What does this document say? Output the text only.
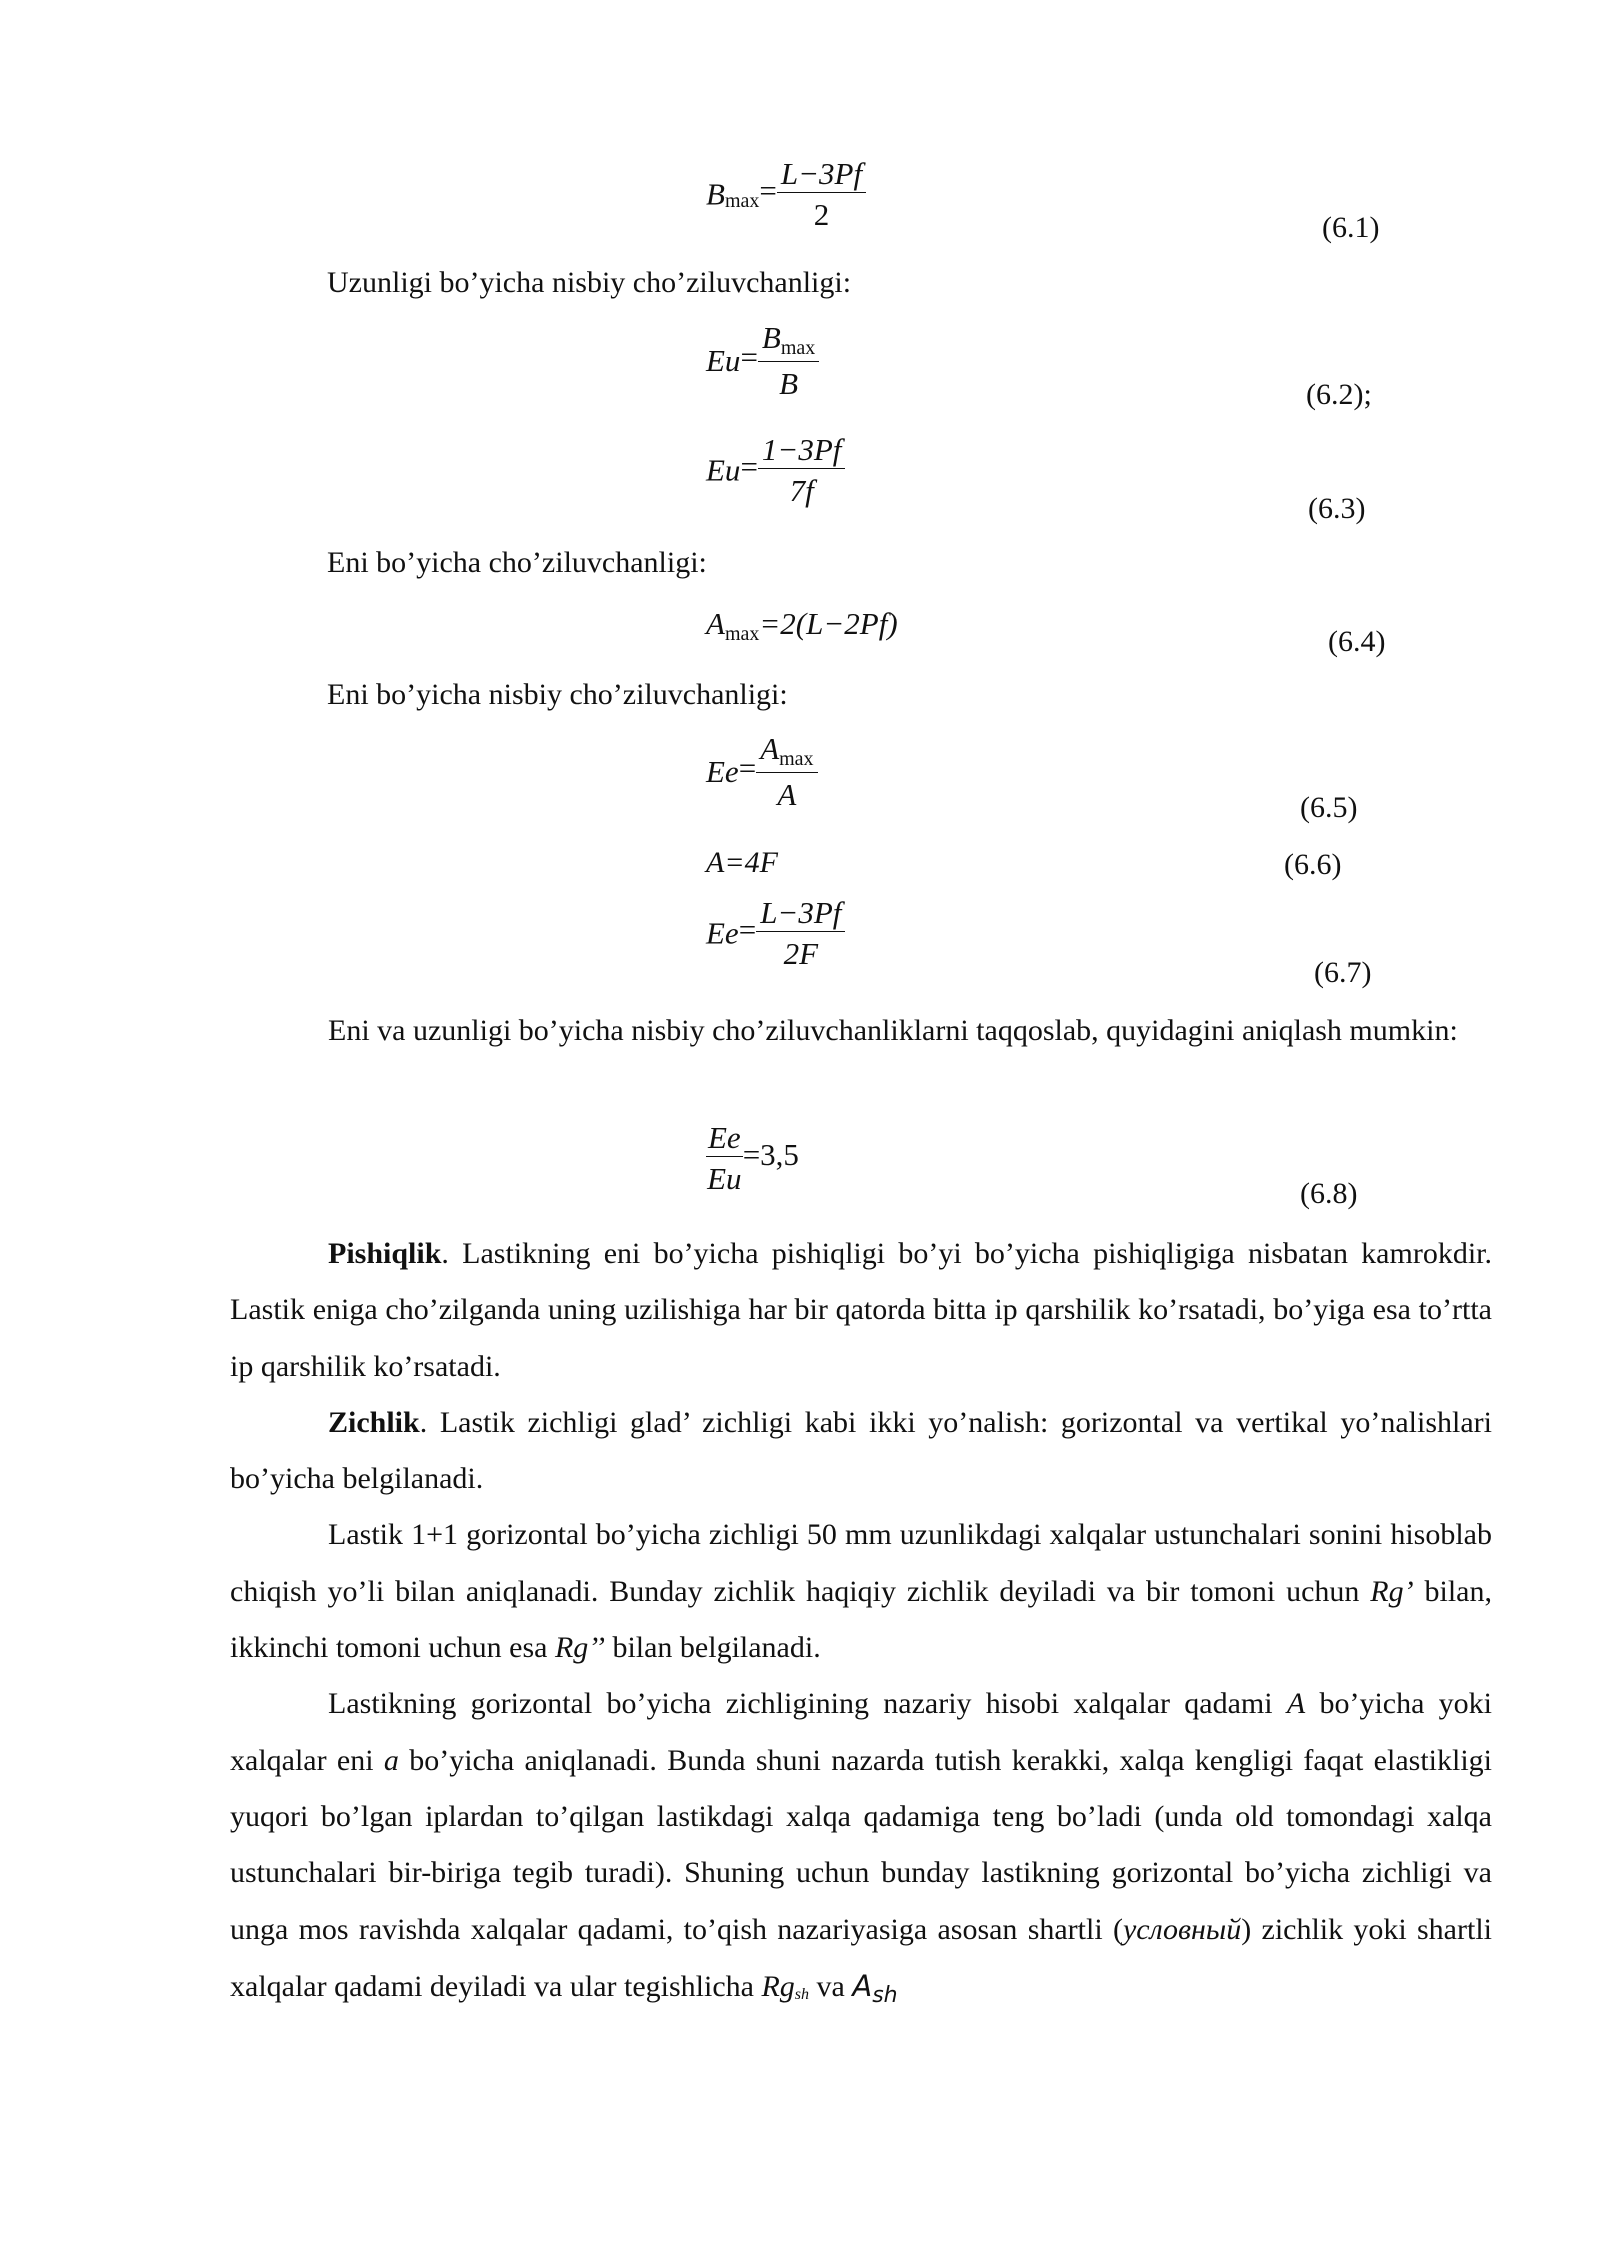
$B_{max}= \frac{L-3Pf}{2}$	(6.1)
Uzunligi bo’yicha nisbiy cho’ziluvchanligi:
$Eu= \frac{B_{max}}{B}$	(6.2);
$Eu= \frac{1-3Pf}{7f}$
(6.3)
Eni bo’yicha cho’ziluvchanligi:
$A_{max}=2(L-2Pf)$
(6.4)
Eni bo’yicha nisbiy cho’ziluvchanligi:
$Ee= \frac{A_{max}}{A}$	(6.5)
A=4F	(6.6)
$Ee= \frac{L-3Pf}{2F}$
(6.7)

Eni va uzunligi bo’yicha nisbiy cho’ziluvchanliklarni taqqoslab, quyidagini aniqlash mumkin:

$\frac{Ee}{Eu} =3,5$
(6.8)

Pishiqlik. Lastikning eni bo’yicha pishiqligi bo’yi bo’yicha pishiqligiga nisbatan kamrokdir. Lastik eniga cho’zilganda uning uzilishiga har bir qatorda bitta ip qarshilik ko’rsatadi, bo’yiga esa to’rtta ip qarshilik ko’rsatadi.

Zichlik. Lastik zichligi glad’ zichligi kabi ikki yo’nalish: gorizontal va vertikal yo’nalishlari bo’yicha belgilanadi.

Lastik 1+1 gorizontal bo’yicha zichligi 50 mm uzunlikdagi xalqalar ustunchalari sonini hisoblab chiqish yo’li bilan aniqlanadi. Bunday zichlik haqiqiy zichlik deyiladi va bir tomoni uchun Rg’ bilan, ikkinchi tomoni uchun esa Rg’’ bilan belgilanadi.

Lastikning gorizontal bo’yicha zichligining nazariy hisobi xalqalar qadami A bo’yicha yoki xalqalar eni a bo’yicha aniqlanadi. Bunda shuni nazarda tutish kerakki, xalqa kengligi faqat elastikligi yuqori bo’lgan iplardan to’qilgan lastikdagi xalqa qadamiga teng bo’ladi (unda old tomondagi xalqa ustunchalari bir-biriga tegib turadi). Shuning uchun bunday lastikning gorizontal bo’yicha zichligi va unga mos ravishda xalqalar qadami, to’qish nazariyasiga asosan shartli (условный) zichlik yoki shartli xalqalar qadami deyiladi va ular tegishlicha Rgsh va $A_{sh}$
